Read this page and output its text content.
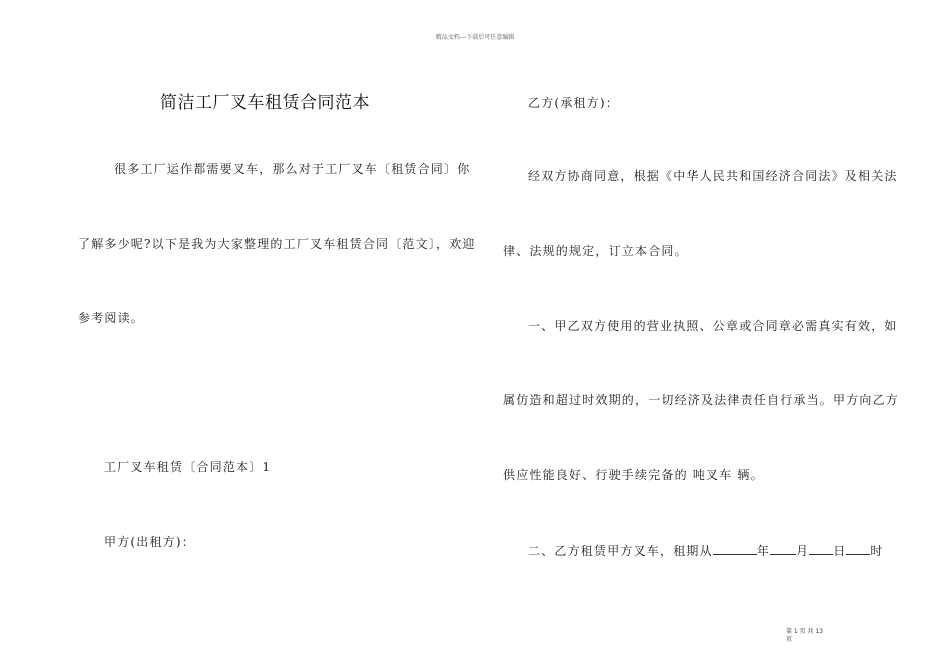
精品文档---下载后可任意编辑
简洁工厂叉车租赁合同范本
很多工厂运作都需要叉车，那么对于工厂叉车〔租赁合同〕你
了解多少呢?以下是我为大家整理的工厂叉车租赁合同〔范文〕，欢迎
参考阅读。
工厂叉车租赁〔合同范本〕1
甲方(出租方)：
乙方(承租方)：
经双方协商同意，根据《中华人民共和国经济合同法》及相关法
律、法规的规定，订立本合同。
一、甲乙双方使用的营业执照、公章或合同章必需真实有效，如
属仿造和超过时效期的，一切经济及法律责任自行承当。甲方向乙方
供应性能良好、行驶手续完备的 吨叉车 辆。
二、乙方租赁甲方叉车，租期从	年 月 日 时
第 1 页 共 13
页
